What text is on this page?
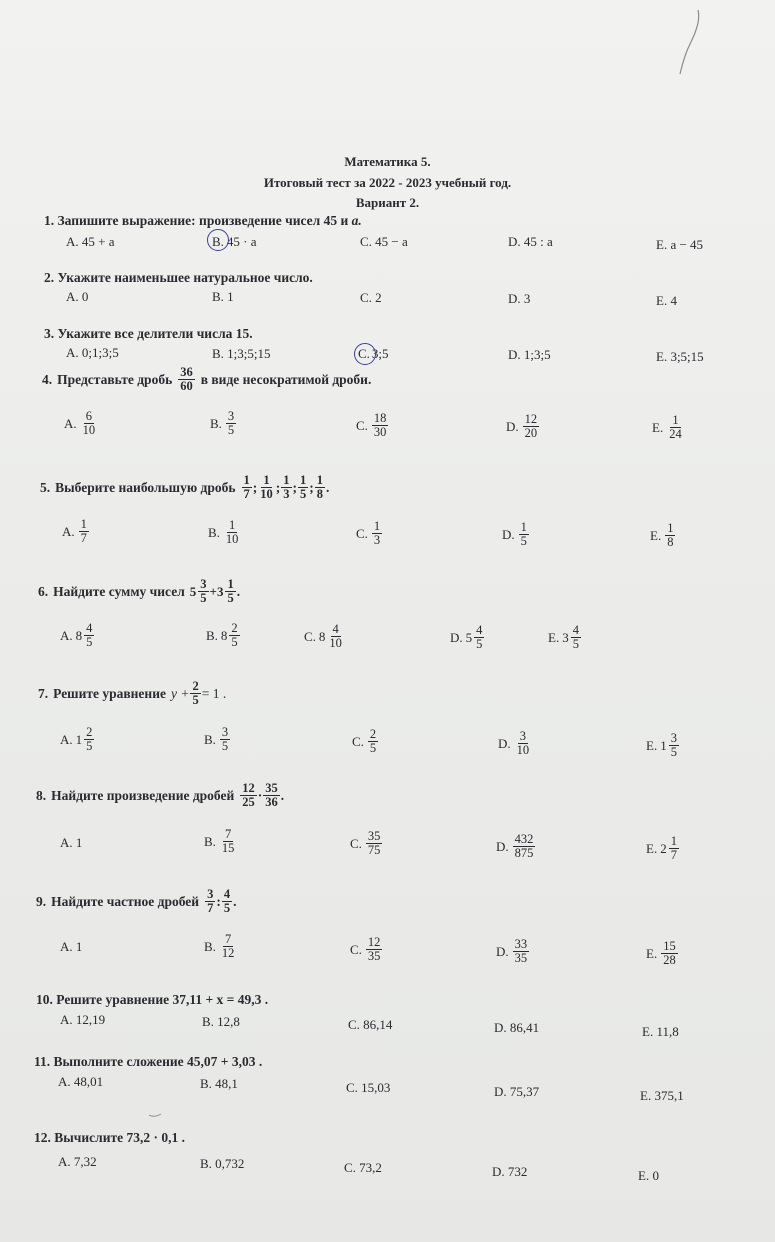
Математика 5.
Итоговый тест за 2022 - 2023 учебный год.
Вариант 2.
1. Запишите выражение: произведение чисел 45 и a.
А. 45 + a	B. 45 · a	С. 45 − a	D. 45 : a	Е. a − 45
2. Укажите наименьшее натуральное число.
А. 0	В. 1	С. 2	D. 3	Е. 4
3. Укажите все делители числа 15.
А. 0;1;3;5	В. 1;3;5;15	С. 3;5	D. 1;3;5	Е. 3;5;15
4. Представьте дробь $\frac{36}{60}$ в виде несократимой дроби.
А. $\frac{6}{10}$	В. $\frac{3}{5}$	С. $\frac{18}{30}$	D. $\frac{12}{20}$	Е. $\frac{1}{24}$
5. Выберите наибольшую дробь $\frac{1}{7}$ ; $\frac{1}{10}$ ; $\frac{1}{3}$ ; $\frac{1}{5}$ ; $\frac{1}{8}$ .
А. $\frac{1}{7}$	В. $\frac{1}{10}$	С. $\frac{1}{3}$	D. $\frac{1}{5}$	Е. $\frac{1}{8}$
6. Найдите сумму чисел $5 \frac{3}{5} +3 \frac{1}{5}$ .
А. $8 \frac{4}{5}$	В. $8 \frac{2}{5}$	С. $8 \frac{4}{10}$	D. $5 \frac{4}{5}$	Е. $3 \frac{4}{5}$
7. Решите уравнение $y + \frac{2}{5} = 1$ .
А. $1 \frac{2}{5}$	В. $\frac{3}{5}$	С. $\frac{2}{5}$	D. $\frac{3}{10}$	Е. $1 \frac{3}{5}$
8. Найдите произведение дробей $\frac{12}{25} \cdot \frac{35}{36}$ .
А. 1	В. $\frac{7}{15}$	С. $\frac{35}{75}$	D. $\frac{432}{875}$	Е. $2 \frac{1}{7}$
9. Найдите частное дробей $\frac{3}{7}$ : $\frac{4}{5}$ .
А. 1	В. $\frac{7}{12}$	С. $\frac{12}{35}$	D. $\frac{33}{35}$	Е. $\frac{15}{28}$
10. Решите уравнение 37,11 + x = 49,3 .
А. 12,19	В. 12,8	С. 86,14	D. 86,41	Е. 11,8
11. Выполните сложение 45,07 + 3,03 .
А. 48,01	В. 48,1	С. 15,03	D. 75,37	Е. 375,1
12. Вычислите 73,2 · 0,1 .
А. 7,32	В. 0,732	С. 73,2	D. 732	Е. 0
